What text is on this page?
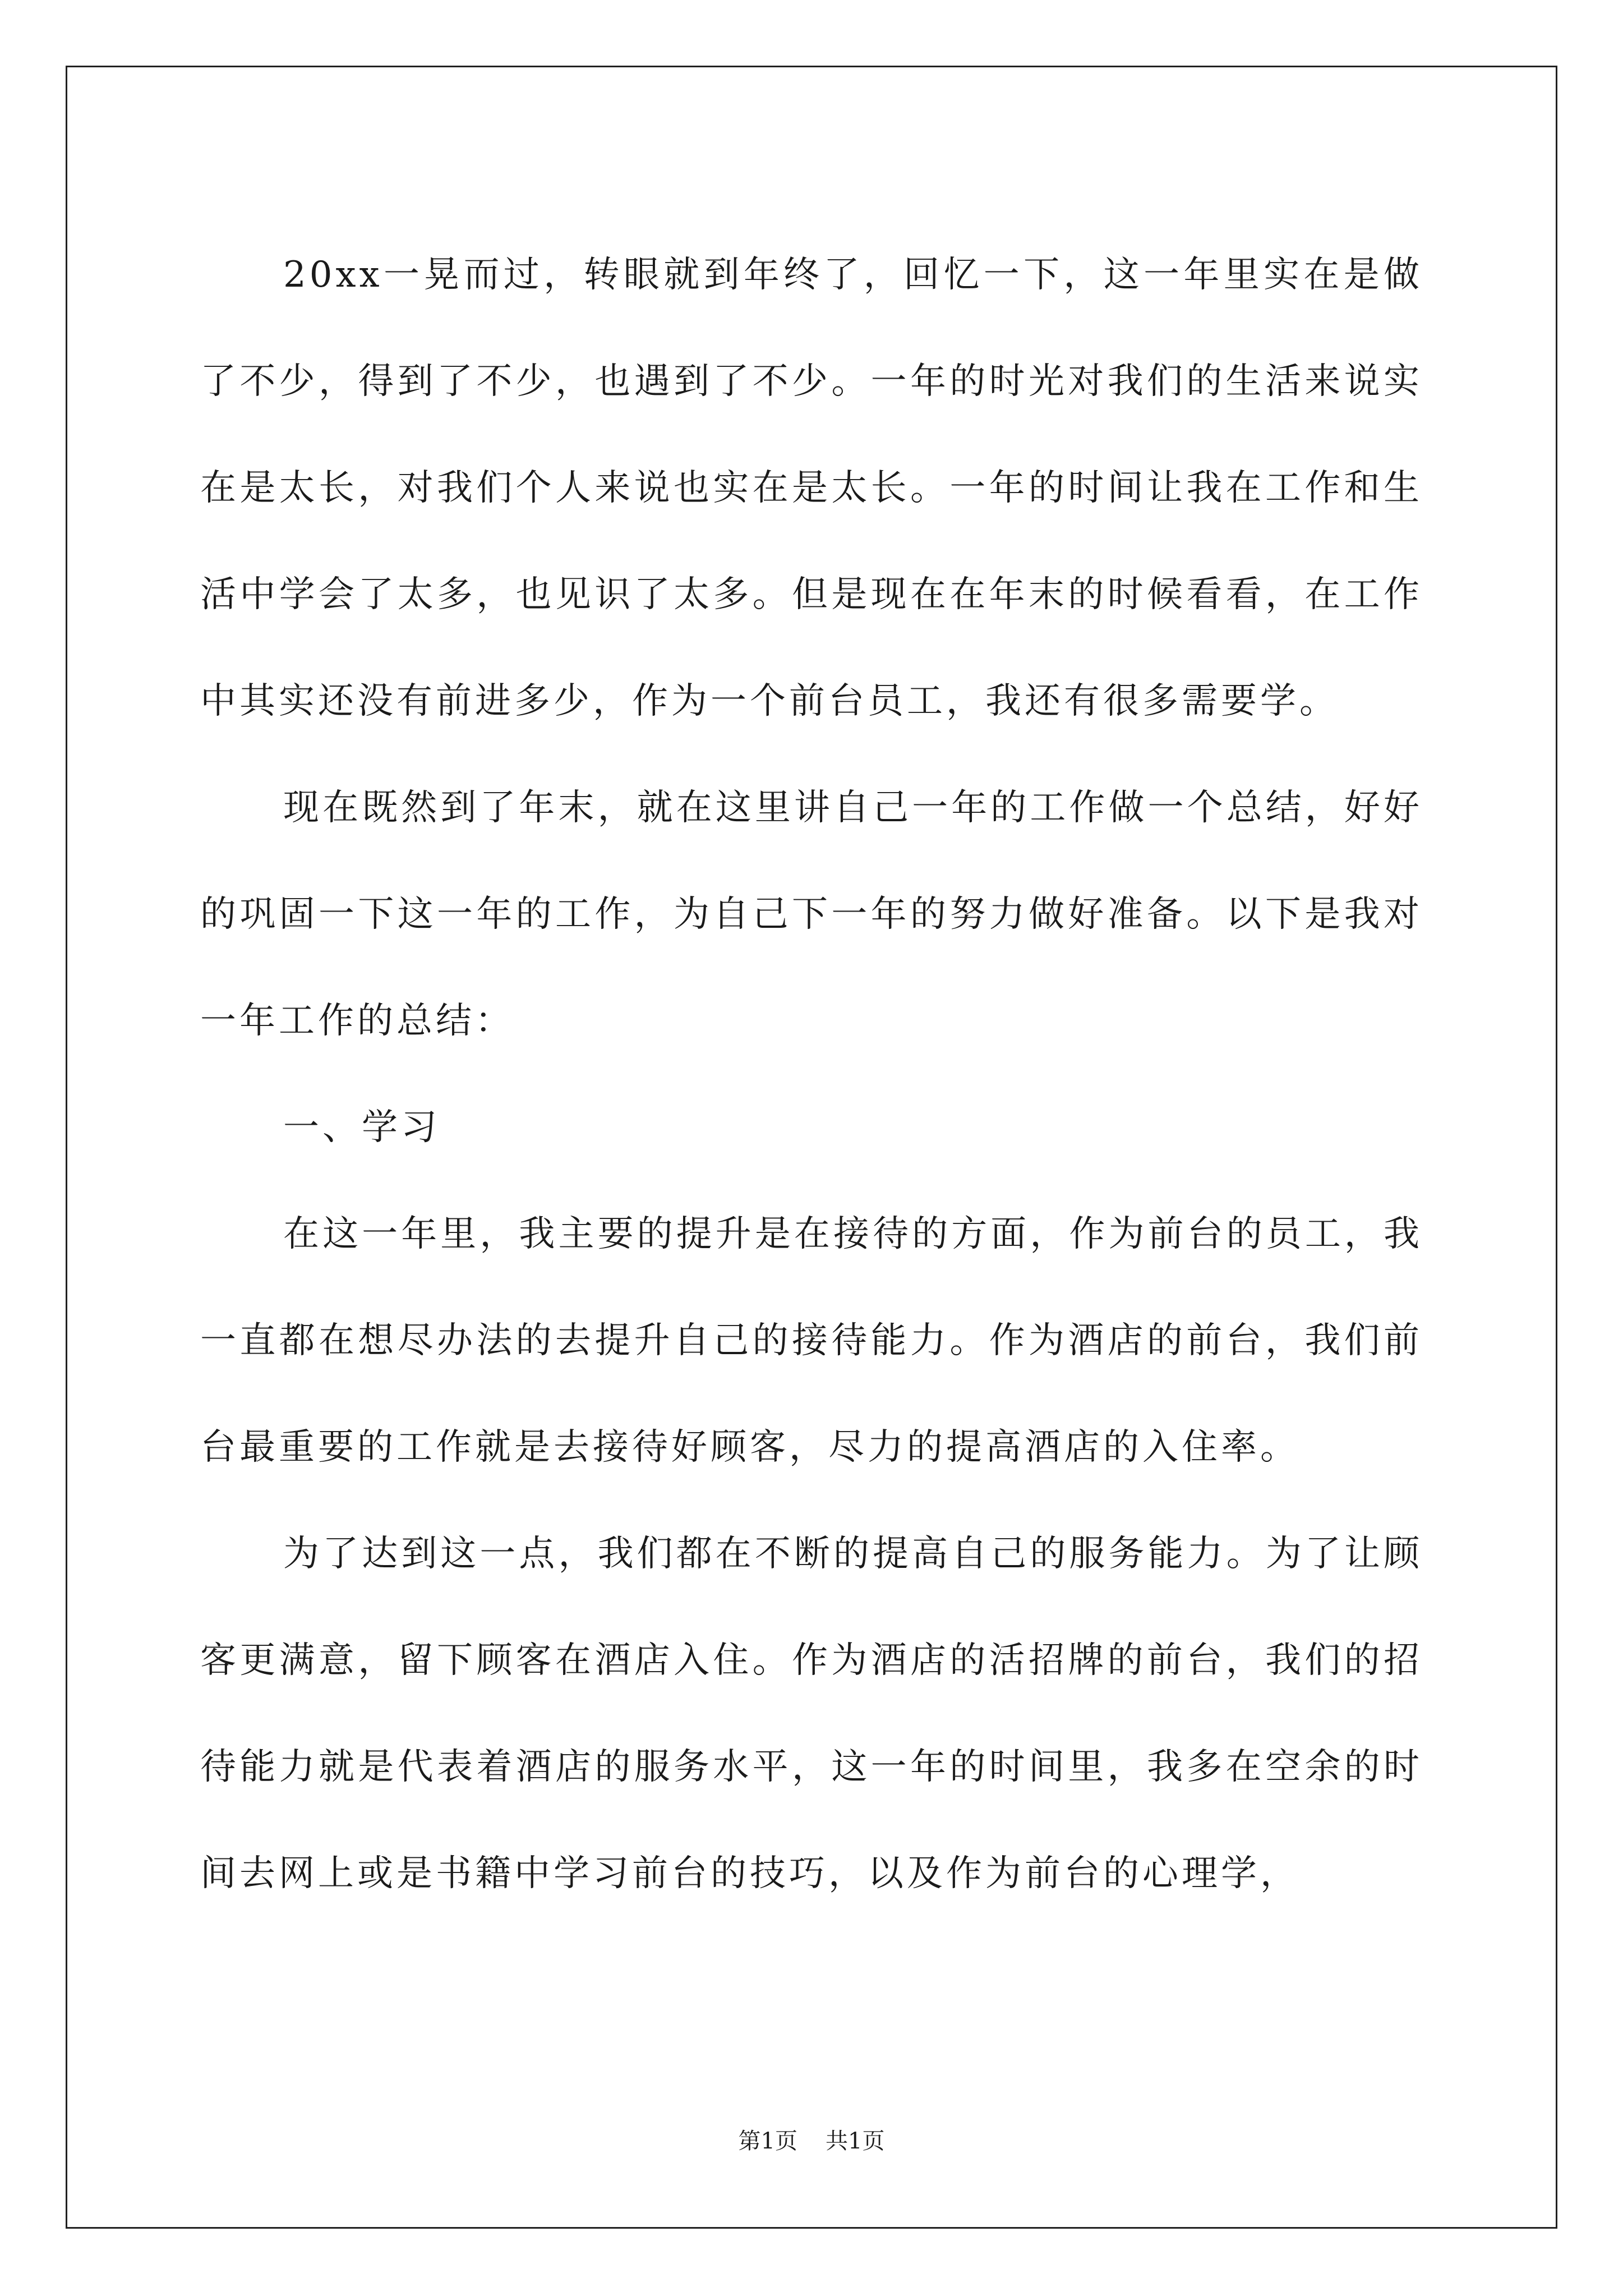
20xx一晃而过，转眼就到年终了，回忆一下，这一年里实在是做了不少，得到了不少，也遇到了不少。一年的时光对我们的生活来说实在是太长，对我们个人来说也实在是太长。一年的时间让我在工作和生活中学会了太多，也见识了太多。但是现在在年末的时候看看，在工作中其实还没有前进多少，作为一个前台员工，我还有很多需要学。

现在既然到了年末，就在这里讲自己一年的工作做一个总结，好好的巩固一下这一年的工作，为自己下一年的努力做好准备。以下是我对一年工作的总结：

一、学习

在这一年里，我主要的提升是在接待的方面，作为前台的员工，我一直都在想尽办法的去提升自己的接待能力。作为酒店的前台，我们前台最重要的工作就是去接待好顾客，尽力的提高酒店的入住率。

为了达到这一点，我们都在不断的提高自己的服务能力。为了让顾客更满意，留下顾客在酒店入住。作为酒店的活招牌的前台，我们的招待能力就是代表着酒店的服务水平，这一年的时间里，我多在空余的时间去网上或是书籍中学习前台的技巧，以及作为前台的心理学，

第1页 共1页
